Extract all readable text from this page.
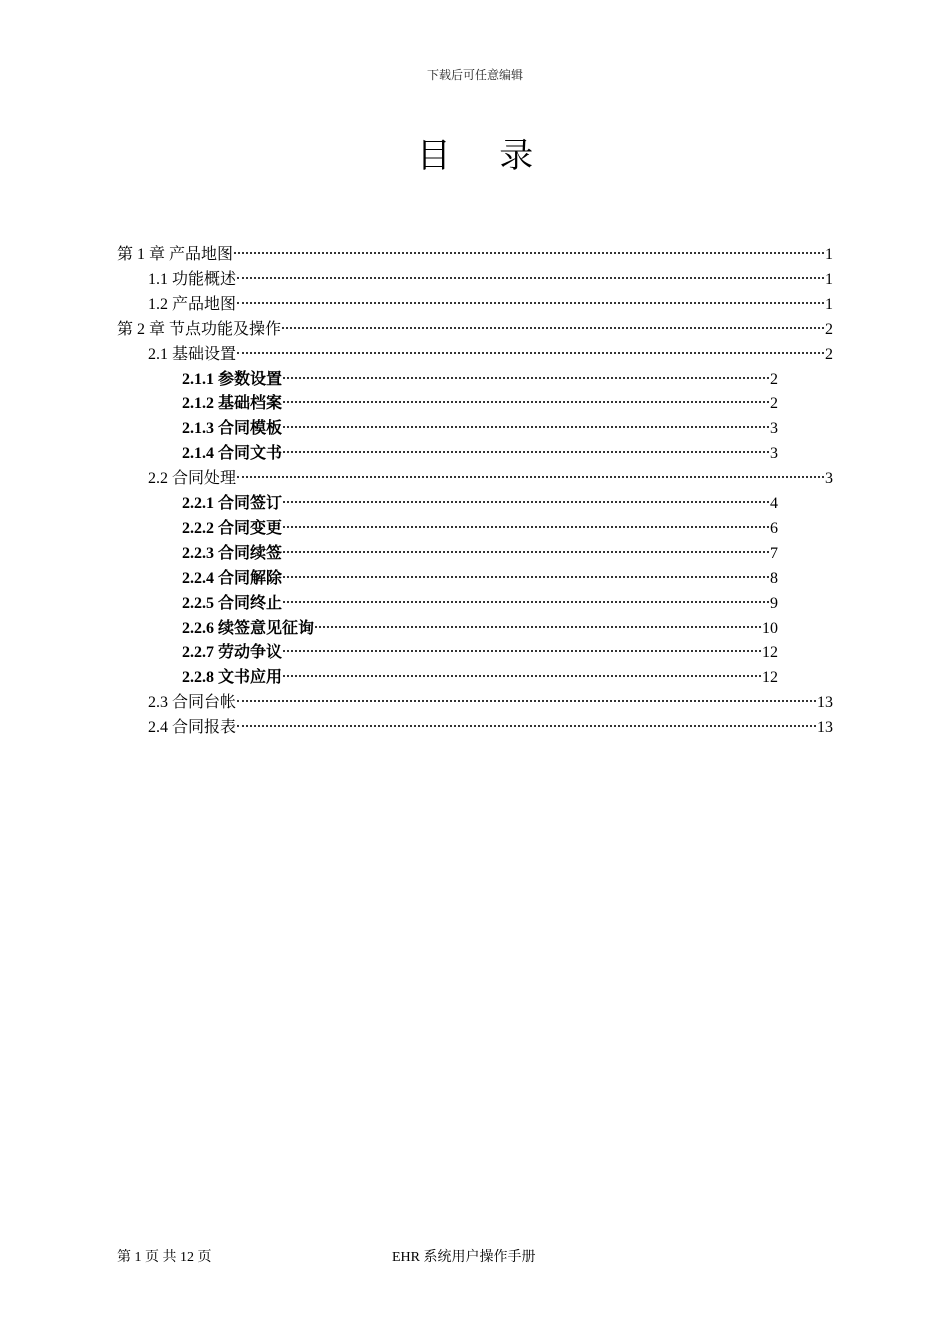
下载后可任意编辑
目 录
第 1 章 产品地图	1
1.1 功能概述	1
1.2 产品地图	1
第 2 章 节点功能及操作	2
2.1 基础设置	2
2.1.1 参数设置	2
2.1.2 基础档案	2
2.1.3 合同模板	3
2.1.4 合同文书	3
2.2 合同处理	3
2.2.1 合同签订	4
2.2.2 合同变更	6
2.2.3 合同续签	7
2.2.4 合同解除	8
2.2.5 合同终止	9
2.2.6 续签意见征询	10
2.2.7 劳动争议	12
2.2.8 文书应用	12
2.3 合同台帐	13
2.4 合同报表	13
第 1 页 共 12 页	EHR 系统用户操作手册
